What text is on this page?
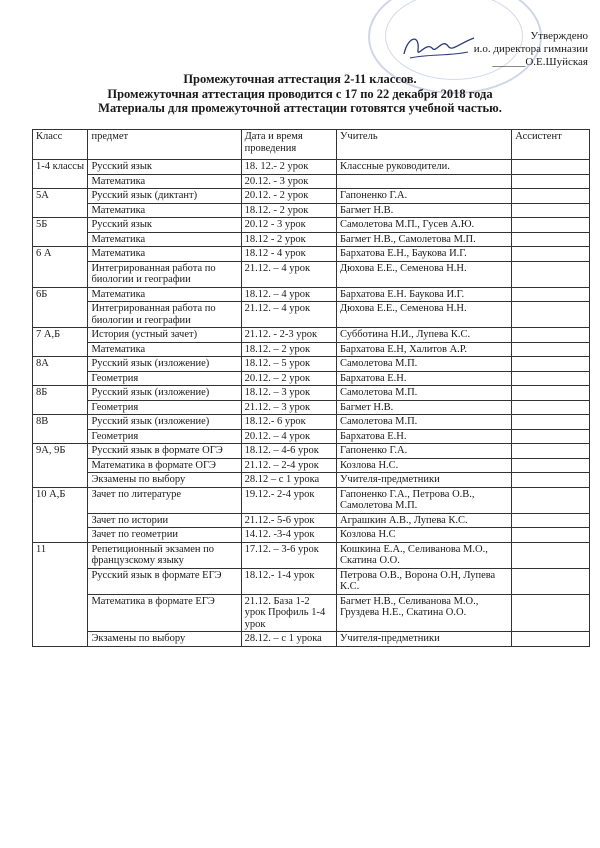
Утверждено
и.о. директора гимназии
______О.Е.Шуйская
Промежуточная аттестация 2-11 классов.
Промежуточная аттестация проводится с 17 по 22 декабря 2018 года
Материалы для промежуточной аттестации готовятся учебной частью.
Класс	предмет	Дата и время проведения	Учитель	Ассистент
1-4 классы	Русский язык	18. 12.- 2 урок	Классные руководители.	
	Математика	20.12. - 3 урок		
5А	Русский язык (диктант)	20.12. - 2 урок	Гапоненко Г.А.	
	Математика	18.12. - 2 урок	Багмет Н.В.	
5Б	Русский язык	20.12 - 3 урок	Самолетова М.П., Гусев А.Ю.	
	Математика	18.12 - 2 урок	Багмет Н.В., Самолетова М.П.	
6 А	Математика	18.12 - 4 урок	Бархатова Е.Н., Баукова И.Г.	
	Интегрированная работа по биологии и географии	21.12. – 4 урок	Дюхова Е.Е., Семенова Н.Н.	
6Б	Математика	18.12. – 4 урок	Бархатова Е.Н. Баукова И.Г.	
	Интегрированная работа по биологии и географии	21.12. – 4 урок	Дюхова Е.Е., Семенова Н.Н.	
7 А,Б	История (устный зачет)	21.12. - 2-3 урок	Субботина Н.И., Лупева К.С.	
	Математика	18.12. – 2 урок	Бархатова Е.Н, Халитов А.Р.	
8А	Русский язык (изложение)	18.12. – 5 урок	Самолетова М.П.	
	Геометрия	20.12. – 2 урок	Бархатова Е.Н.	
8Б	Русский язык (изложение)	18.12. – 3 урок	Самолетова М.П.	
	Геометрия	21.12. – 3 урок	Багмет Н.В.	
8В	Русский язык (изложение)	18.12.- 6 урок	Самолетова М.П.	
	Геометрия	20.12. – 4 урок	Бархатова Е.Н.	
9А, 9Б	Русский язык в формате ОГЭ	18.12. – 4-6 урок	Гапоненко Г.А.	
	Математика в формате ОГЭ	21.12. – 2-4 урок	Козлова Н.С.	
	Экзамены по выбору	28.12 – с 1 урока	Учителя-предметники	
10 А,Б	Зачет по литературе	19.12.- 2-4 урок	Гапоненко Г.А., Петрова О.В., Самолетова М.П.	
	Зачет по истории	21.12.- 5-6 урок	Аграшкин А.В., Лупева К.С.	
	Зачет по геометрии	14.12. -3-4 урок	Козлова Н.С	
11	Репетиционный экзамен по французскому языку	17.12. – 3-6 урок	Кошкина Е.А., Селиванова М.О., Скатина О.О.	
	Русский язык в формате ЕГЭ	18.12.- 1-4 урок	Петрова О.В., Ворона О.Н, Лупева К.С.	
	Математика в формате ЕГЭ	21.12. База 1-2 урок Профиль 1-4 урок	Багмет Н.В., Селиванова М.О., Груздева Н.Е., Скатина О.О.	
	Экзамены по выбору	28.12. – с 1 урока	Учителя-предметники	
